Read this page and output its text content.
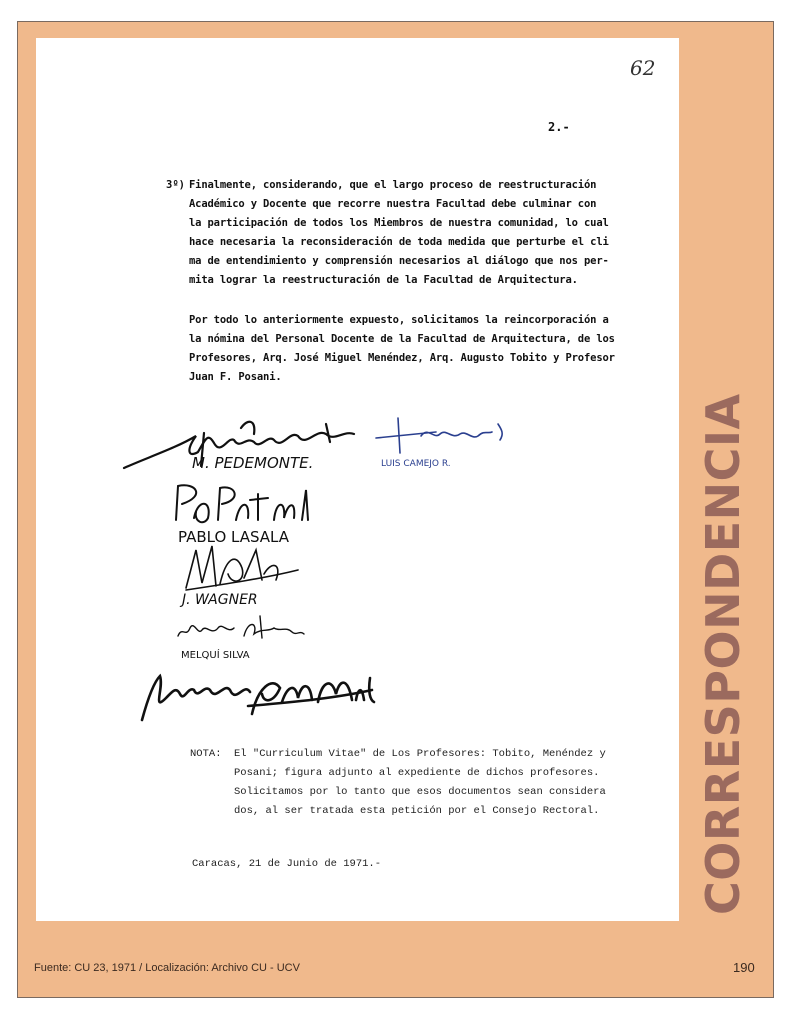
62
2.-
3º) Finalmente, considerando, que el largo proceso de reestructuración
Académico y Docente que recorre nuestra Facultad debe culminar con
la participación de todos los Miembros de nuestra comunidad, lo cual
hace necesaria la reconsideración de toda medida que perturbe el cli
ma de entendimiento y comprensión necesarios al diálogo que nos per-
mita lograr la reestructuración de la Facultad de Arquitectura.
Por todo lo anteriormente expuesto, solicitamos la reincorporación a
la nómina del Personal Docente de la Facultad de Arquitectura, de los
Profesores, Arq. José Miguel Menéndez, Arq. Augusto Tobito y Profesor
Juan F. Posani.
M. PEDEMONTE.	LUIS CAMEJO R.
PABLO LASALA
J. WAGNER
MELQUÍ SILVA
NOTA: El "Curriculum Vitae" de Los Profesores: Tobito, Menéndez y
Posani; figura adjunto al expediente de dichos profesores.
Solicitamos por lo tanto que esos documentos sean considera
dos, al ser tratada esta petición por el Consejo Rectoral.
Caracas, 21 de Junio de 1971.-	CORRESPONDENCIA
Fuente: CU 23, 1971 / Localización: Archivo CU - UCV	190
